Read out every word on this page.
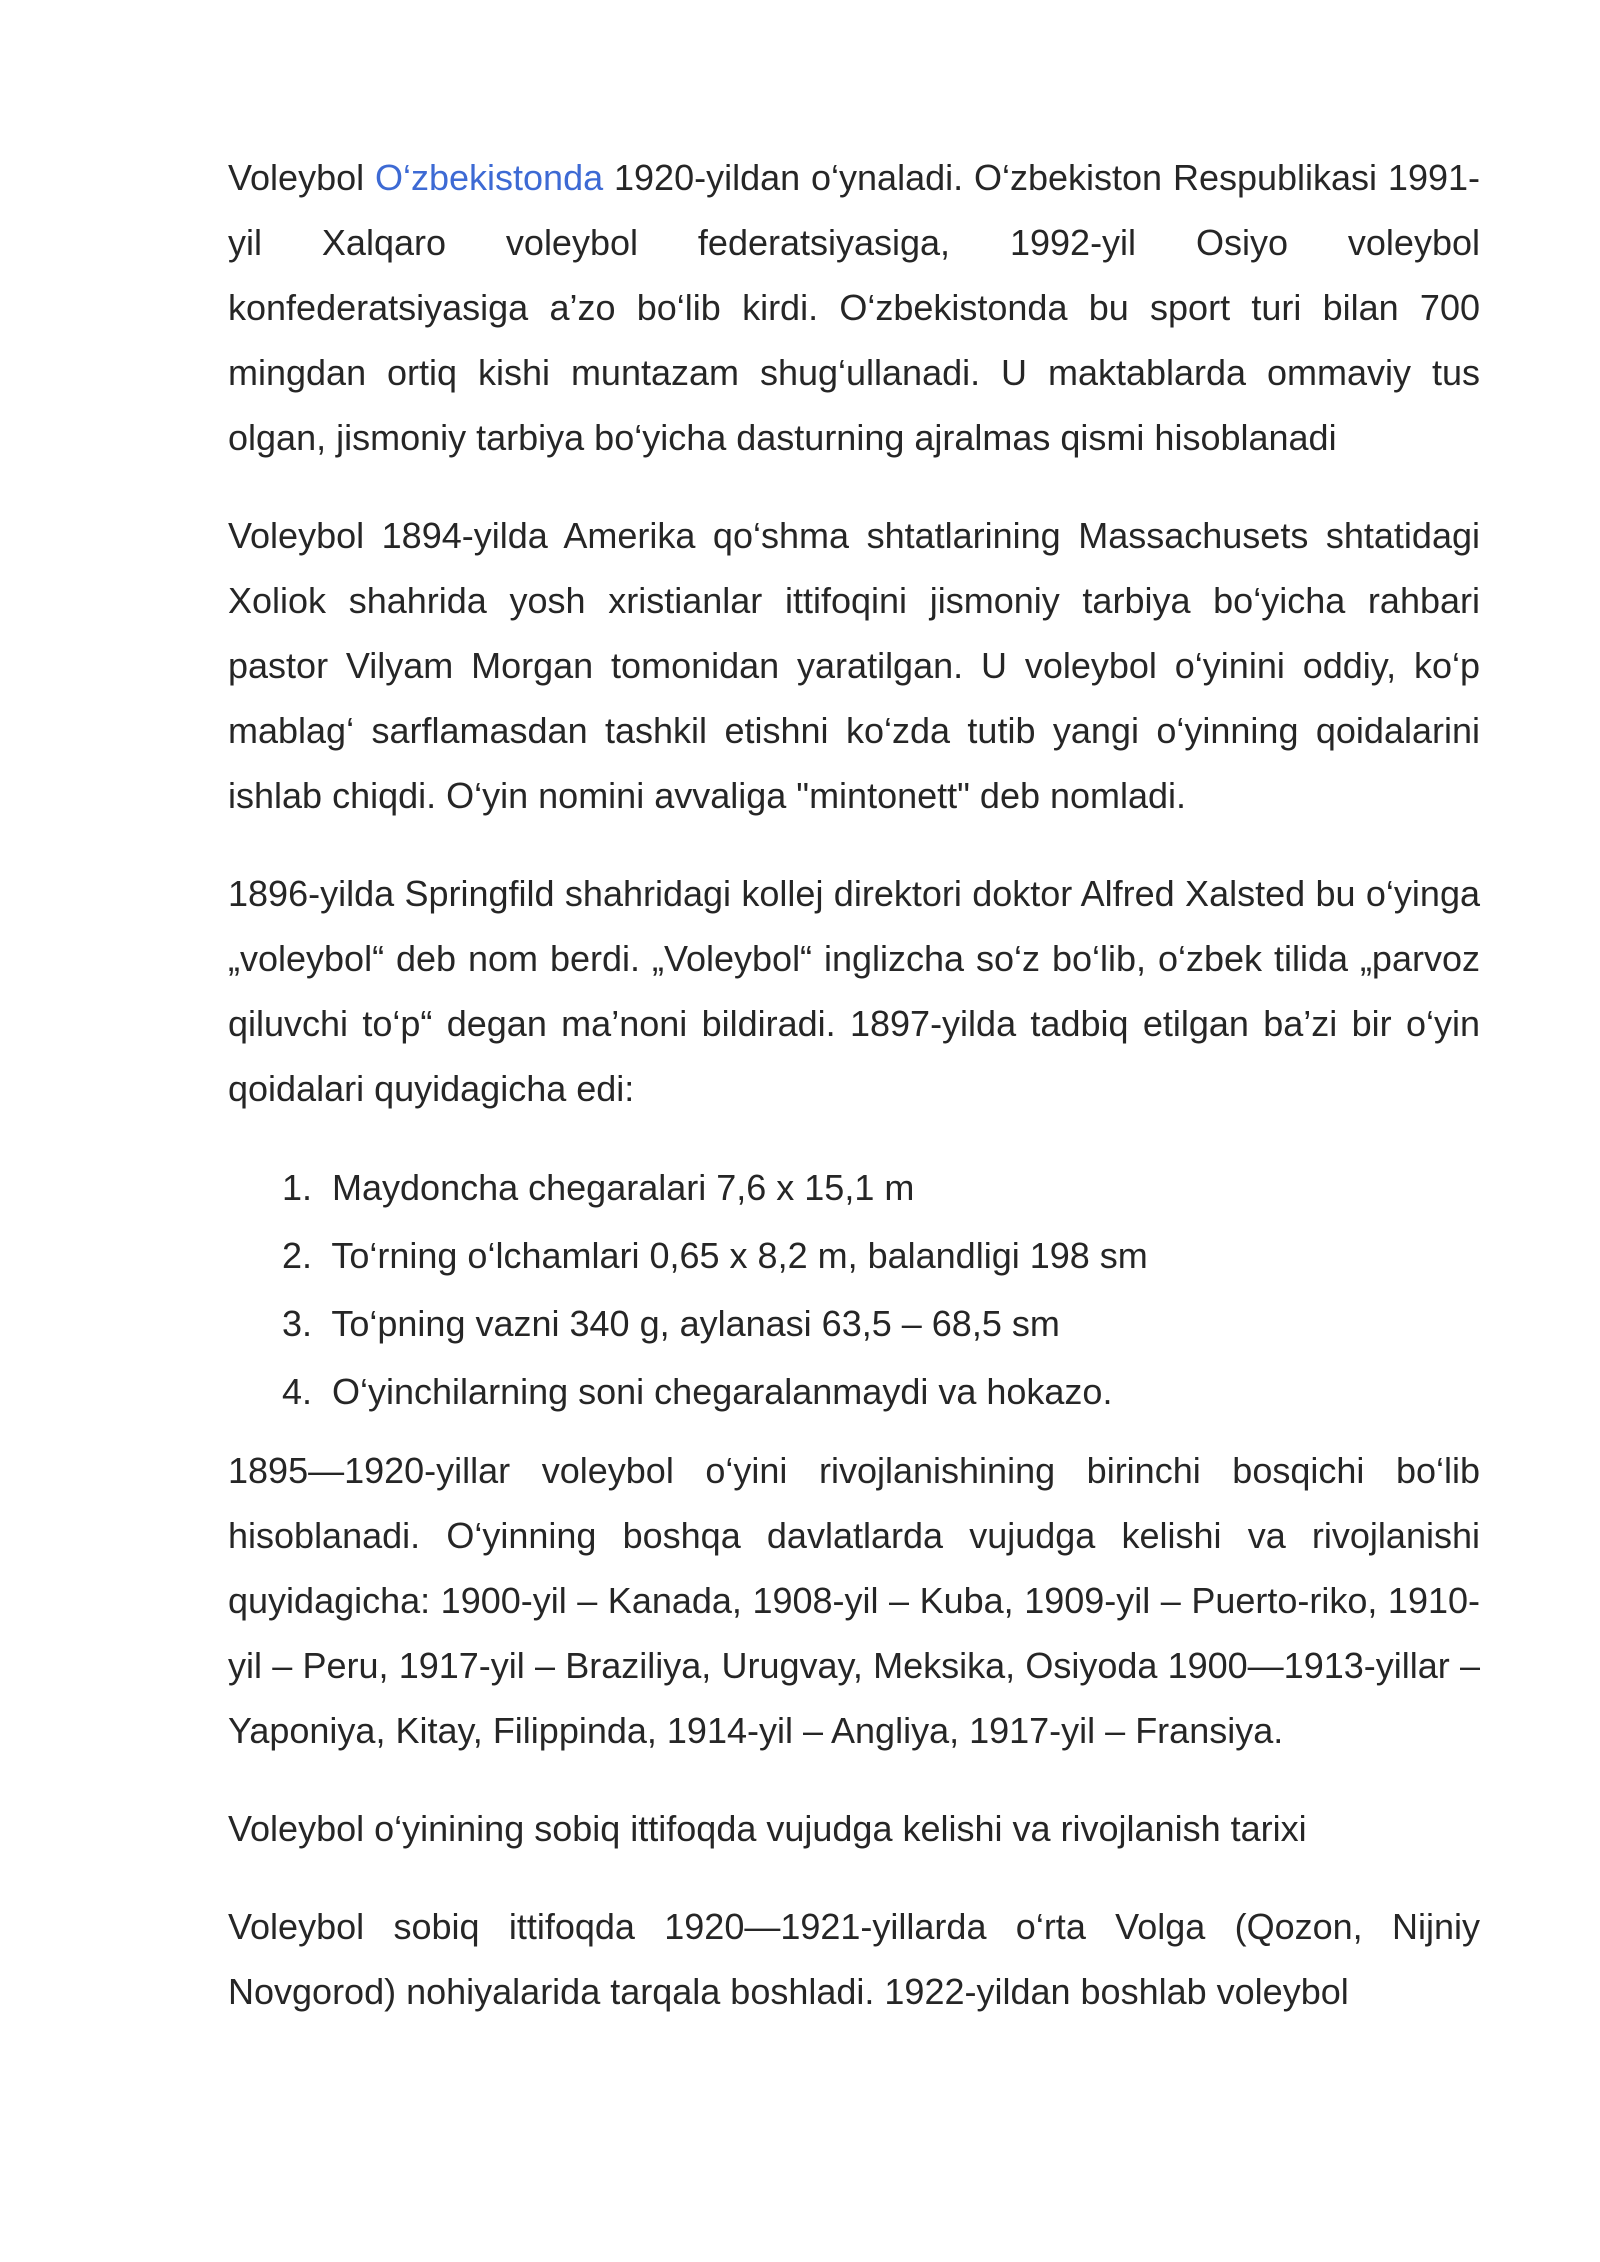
Voleybol O‘zbekistonda 1920-yildan o‘ynaladi. O‘zbekiston Respublikasi 1991-yil Xalqaro voleybol federatsiyasiga, 1992-yil Osiyo voleybol konfederatsiyasiga a’zo bo‘lib kirdi. O‘zbekistonda bu sport turi bilan 700 mingdan ortiq kishi muntazam shug‘ullanadi. U maktablarda ommaviy tus olgan, jismoniy tarbiya bo‘yicha dasturning ajralmas qismi hisoblanadi

Voleybol 1894-yilda Amerika qo‘shma shtatlarining Massachusets shtatidagi Xoliok shahrida yosh xristianlar ittifoqini jismoniy tarbiya bo‘yicha rahbari pastor Vilyam Morgan tomonidan yaratilgan. U voleybol o‘yinini oddiy, ko‘p mablag‘ sarflamasdan tashkil etishni ko‘zda tutib yangi o‘yinning qoidalarini ishlab chiqdi. O‘yin nomini avvaliga "mintonett" deb nomladi.

1896-yilda Springfild shahridagi kollej direktori doktor Alfred Xalsted bu o‘yinga „voleybol“ deb nom berdi. „Voleybol“ inglizcha so‘z bo‘lib, o‘zbek tilida „parvoz qiluvchi to‘p“ degan ma’noni bildiradi. 1897-yilda tadbiq etilgan ba’zi bir o‘yin qoidalari quyidagicha edi:

1. Maydoncha chegaralari 7,6 x 15,1 m
2. To‘rning o‘lchamlari 0,65 x 8,2 m, balandligi 198 sm
3. To‘pning vazni 340 g, aylanasi 63,5 – 68,5 sm
4. O‘yinchilarning soni chegaralanmaydi va hokazo.

1895—1920-yillar voleybol o‘yini rivojlanishining birinchi bosqichi bo‘lib hisoblanadi. O‘yinning boshqa davlatlarda vujudga kelishi va rivojlanishi quyidagicha: 1900-yil – Kanada, 1908-yil – Kuba, 1909-yil – Puerto-riko, 1910-yil – Peru, 1917-yil – Braziliya, Urugvay, Meksika, Osiyoda 1900—1913-yillar – Yaponiya, Kitay, Filippinda, 1914-yil – Angliya, 1917-yil – Fransiya.

Voleybol o‘yinining sobiq ittifoqda vujudga kelishi va rivojlanish tarixi

Voleybol sobiq ittifoqda 1920—1921-yillarda o‘rta Volga (Qozon, Nijniy Novgorod) nohiyalarida tarqala boshladi. 1922-yildan boshlab voleybol
